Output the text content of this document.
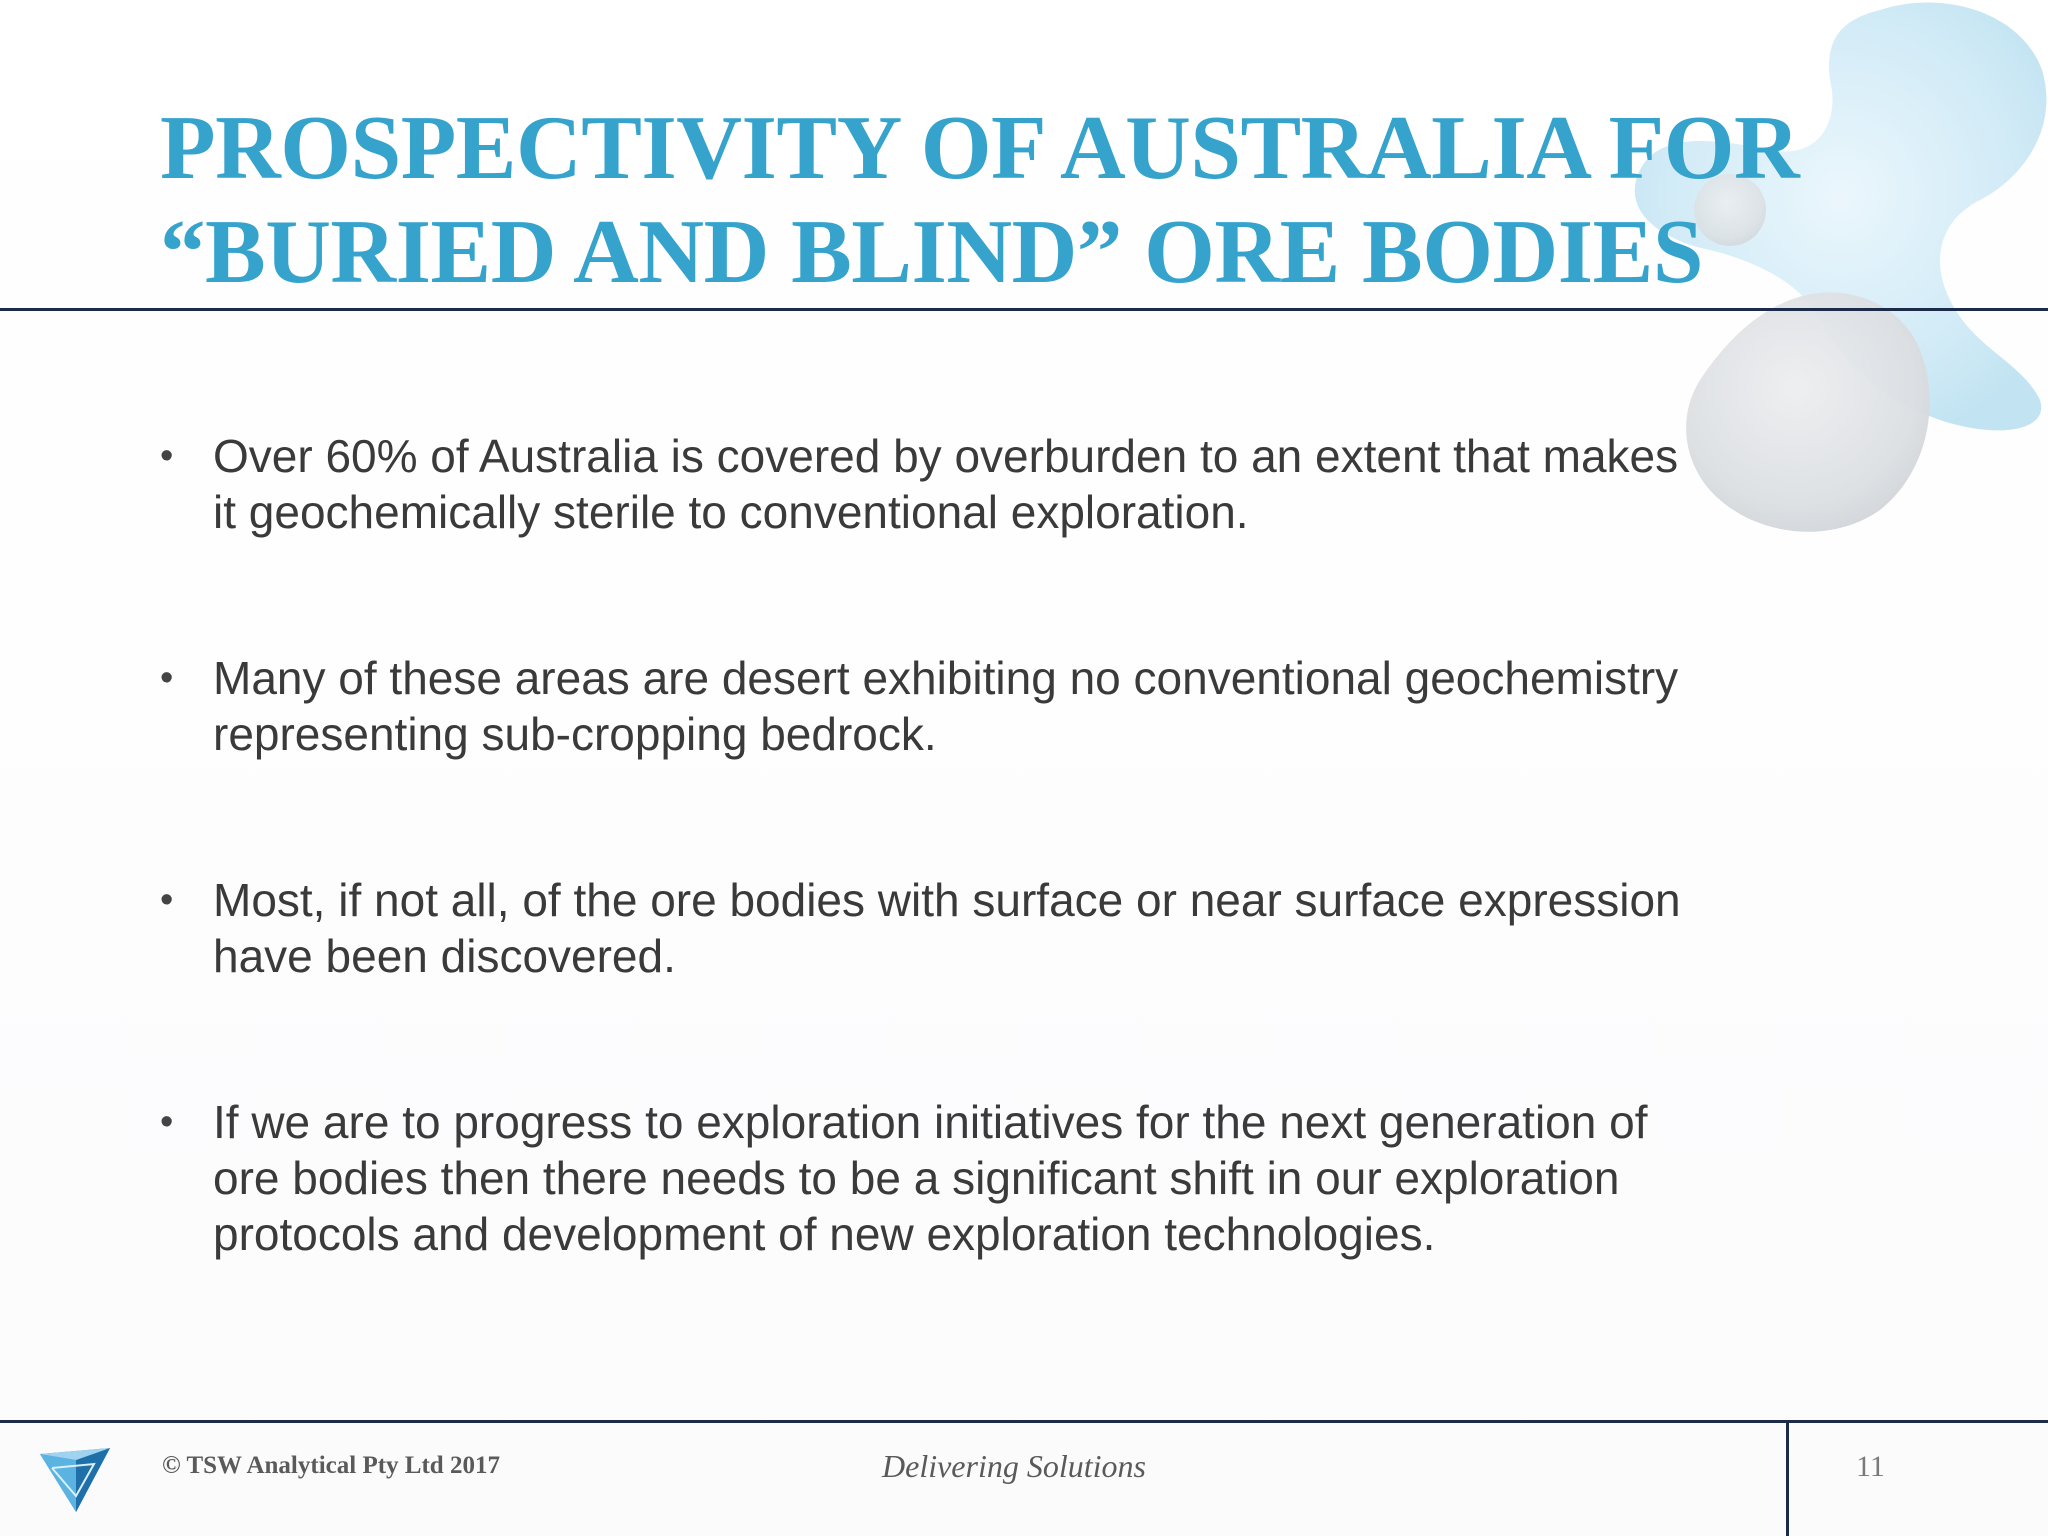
PROSPECTIVITY OF AUSTRALIA FOR
“BURIED AND BLIND” ORE BODIES
• Over 60% of Australia is covered by overburden to an extent that makes
it geochemically sterile to conventional exploration.
• Many of these areas are desert exhibiting no conventional geochemistry
representing sub-cropping bedrock.
• Most, if not all, of the ore bodies with surface or near surface expression
have been discovered.
• If we are to progress to exploration initiatives for the next generation of
ore bodies then there needs to be a significant shift in our exploration
protocols and development of new exploration technologies.
© TSW Analytical Pty Ltd 2017	Delivering Solutions	11
